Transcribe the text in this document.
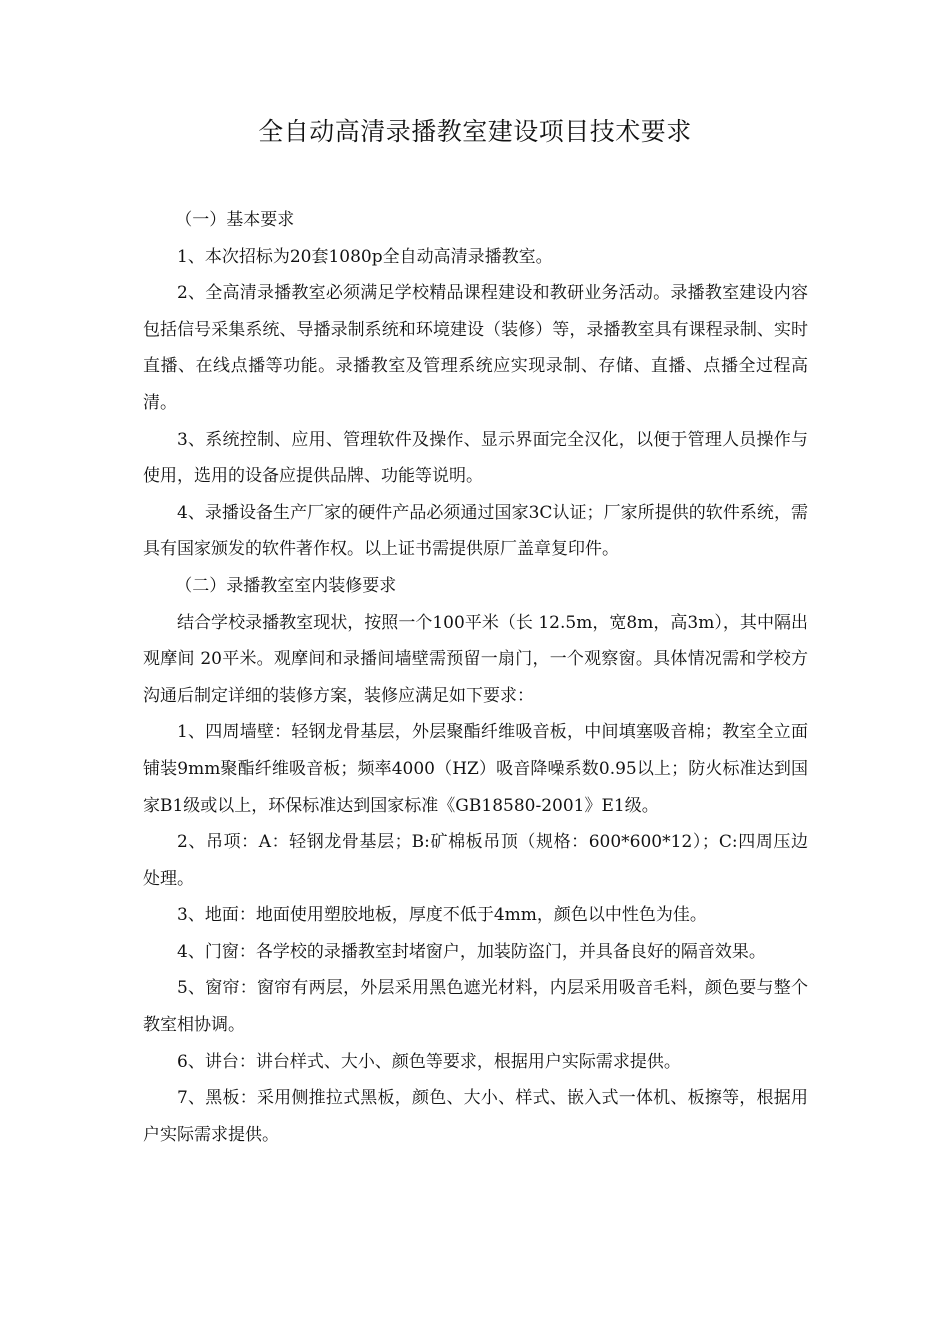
全自动高清录播教室建设项目技术要求

（一）基本要求

1、本次招标为20套1080p全自动高清录播教室。

2、全高清录播教室必须满足学校精品课程建设和教研业务活动。录播教室建设内容包括信号采集系统、导播录制系统和环境建设（装修）等，录播教室具有课程录制、实时直播、在线点播等功能。录播教室及管理系统应实现录制、存储、直播、点播全过程高清。

3、系统控制、应用、管理软件及操作、显示界面完全汉化，以便于管理人员操作与使用，选用的设备应提供品牌、功能等说明。

4、录播设备生产厂家的硬件产品必须通过国家3C认证；厂家所提供的软件系统，需具有国家颁发的软件著作权。以上证书需提供原厂盖章复印件。

（二）录播教室室内装修要求

结合学校录播教室现状，按照一个100平米（长 12.5m，宽8m，高3m），其中隔出观摩间 20平米。观摩间和录播间墙壁需预留一扇门，一个观察窗。具体情况需和学校方沟通后制定详细的装修方案，装修应满足如下要求：

1、四周墙壁：轻钢龙骨基层，外层聚酯纤维吸音板，中间填塞吸音棉；教室全立面铺装9mm聚酯纤维吸音板；频率4000（HZ）吸音降噪系数0.95以上；防火标准达到国家B1级或以上，环保标准达到国家标准《GB18580-2001》E1级。

2、吊项：A：轻钢龙骨基层；B:矿棉板吊顶（规格：600*600*12）；C:四周压边处理。

3、地面：地面使用塑胶地板，厚度不低于4mm，颜色以中性色为佳。

4、门窗：各学校的录播教室封堵窗户，加装防盗门，并具备良好的隔音效果。

5、窗帘：窗帘有两层，外层采用黑色遮光材料，内层采用吸音毛料，颜色要与整个教室相协调。

6、讲台：讲台样式、大小、颜色等要求，根据用户实际需求提供。

7、黑板：采用侧推拉式黑板，颜色、大小、样式、嵌入式一体机、板擦等，根据用户实际需求提供。
